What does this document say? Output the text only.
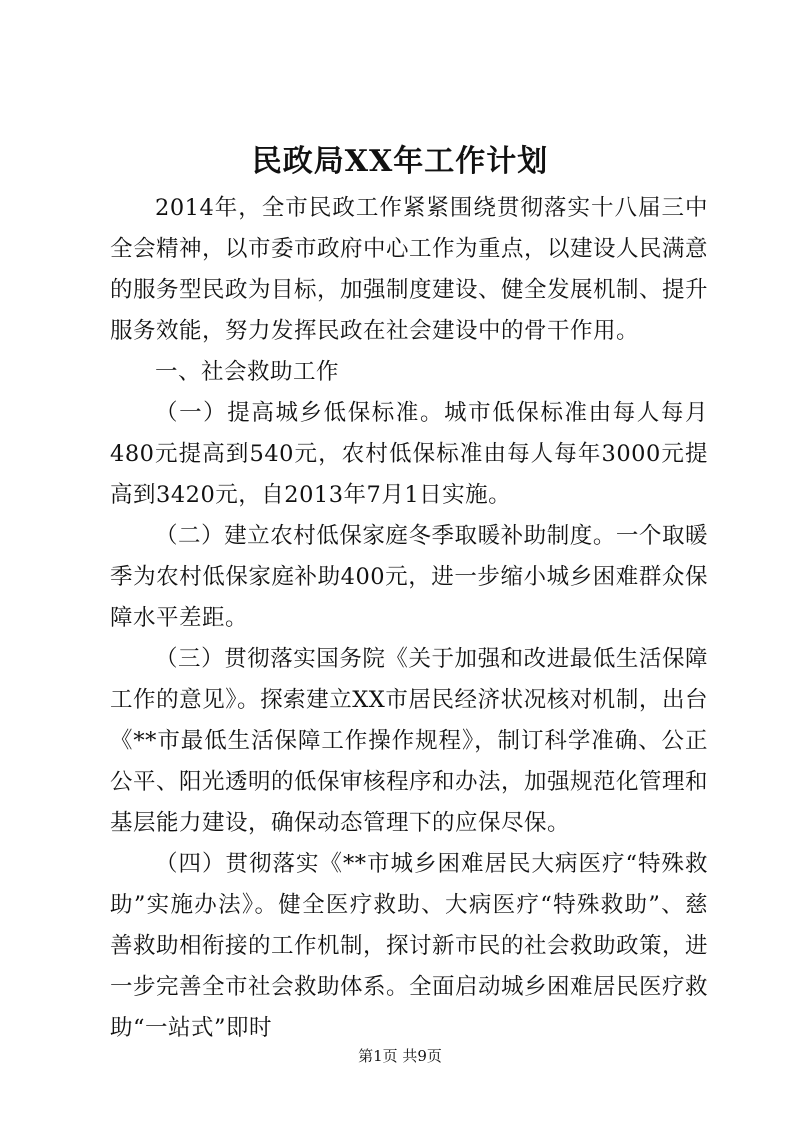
民政局XX年工作计划

2014年，全市民政工作紧紧围绕贯彻落实十八届三中全会精神，以市委市政府中心工作为重点，以建设人民满意的服务型民政为目标，加强制度建设、健全发展机制、提升服务效能，努力发挥民政在社会建设中的骨干作用。

一、社会救助工作

（一）提高城乡低保标准。城市低保标准由每人每月480元提高到540元，农村低保标准由每人每年3000元提高到3420元，自2013年7月1日实施。

（二）建立农村低保家庭冬季取暖补助制度。一个取暖季为农村低保家庭补助400元，进一步缩小城乡困难群众保障水平差距。

（三）贯彻落实国务院《关于加强和改进最低生活保障工作的意见》。探索建立XX市居民经济状况核对机制，出台《**市最低生活保障工作操作规程》，制订科学准确、公正公平、阳光透明的低保审核程序和办法，加强规范化管理和基层能力建设，确保动态管理下的应保尽保。

（四）贯彻落实《**市城乡困难居民大病医疗“特殊救助”实施办法》。健全医疗救助、大病医疗“特殊救助”、慈善救助相衔接的工作机制，探讨新市民的社会救助政策，进一步完善全市社会救助体系。全面启动城乡困难居民医疗救助“一站式”即时

第1页 共9页
